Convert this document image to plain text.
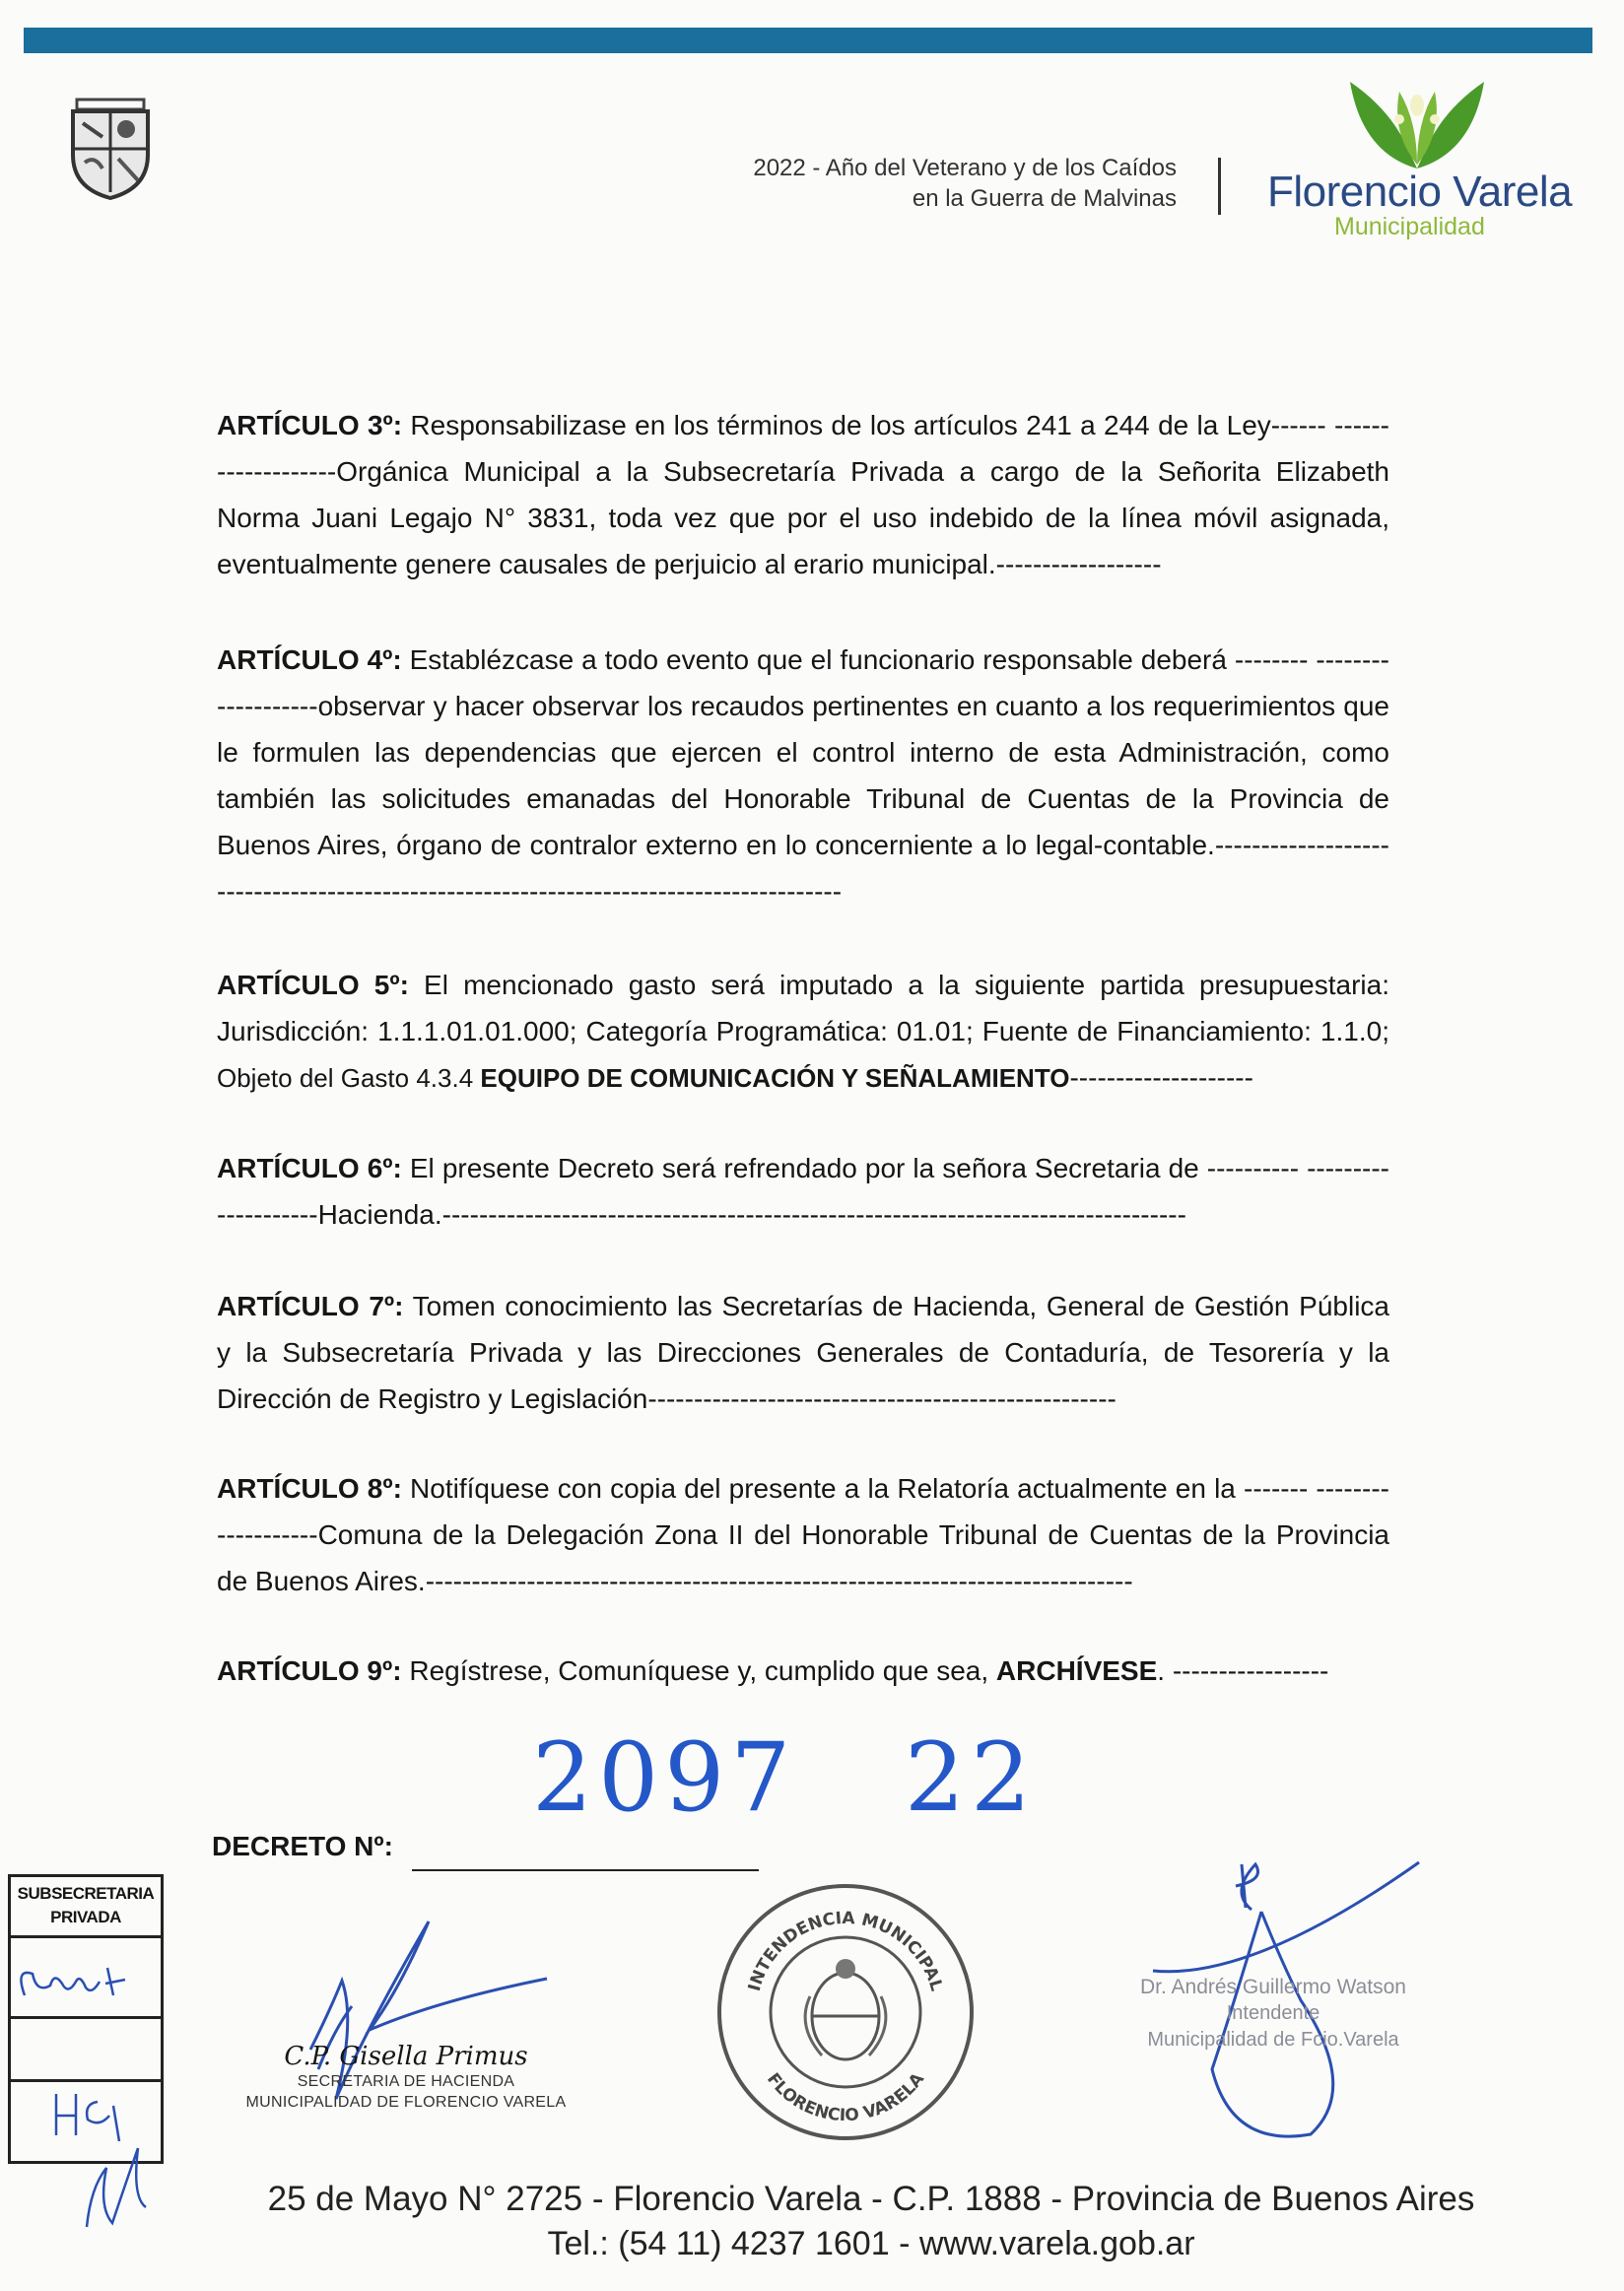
2022 - Año del Veterano y de los Caídos
en la Guerra de Malvinas Florencio Varela
Municipalidad

ARTÍCULO 3º: Responsabilizase en los términos de los artículos 241 a 244 de la Ley------ -------------------Orgánica Municipal a la Subsecretaría Privada a cargo de la Señorita Elizabeth Norma Juani Legajo N° 3831, toda vez que por el uso indebido de la línea móvil asignada, eventualmente genere causales de perjuicio al erario municipal.------------------

ARTÍCULO 4º: Establézcase a todo evento que el funcionario responsable deberá -------- -------------------observar y hacer observar los recaudos pertinentes en cuanto a los requerimientos que le formulen las dependencias que ejercen el control interno de esta Administración, como también las solicitudes emanadas del Honorable Tribunal de Cuentas de la Provincia de Buenos Aires, órgano de contralor externo en lo concerniente a lo legal-contable.---------------------------------------------------------------------------------------

ARTÍCULO 5º: El mencionado gasto será imputado a la siguiente partida presupuestaria: Jurisdicción: 1.1.1.01.01.000; Categoría Programática: 01.01; Fuente de Financiamiento: 1.1.0; Objeto del Gasto 4.3.4 EQUIPO DE COMUNICACIÓN Y SEÑALAMIENTO--------------------

ARTÍCULO 6º: El presente Decreto será refrendado por la señora Secretaria de ---------- --------------------Hacienda.---------------------------------------------------------------------------------

ARTÍCULO 7º: Tomen conocimiento las Secretarías de Hacienda, General de Gestión Pública y la Subsecretaría Privada y las Direcciones Generales de Contaduría, de Tesorería y la Dirección de Registro y Legislación---------------------------------------------------

ARTÍCULO 8º: Notifíquese con copia del presente a la Relatoría actualmente en la ------- -------------------Comuna de la Delegación Zona II del Honorable Tribunal de Cuentas de la Provincia de Buenos Aires.-----------------------------------------------------------------------------

ARTÍCULO 9º: Regístrese, Comuníquese y, cumplido que sea, ARCHÍVESE. -----------------

2097   22
DECRETO Nº:
SUBSECRETARIA
PRIVADA
C.P. Gisella Primus
SECRETARIA DE HACIENDA
MUNICIPALIDAD DE FLORENCIO VARELA
INTENDENCIA MUNICIPAL
FLORENCIO VARELA
Dr. Andrés Guillermo Watson
Intendente
Municipalidad de Fcio.Varela
25 de Mayo N° 2725 - Florencio Varela - C.P. 1888 - Provincia de Buenos Aires
Tel.: (54 11) 4237 1601 - www.varela.gob.ar
